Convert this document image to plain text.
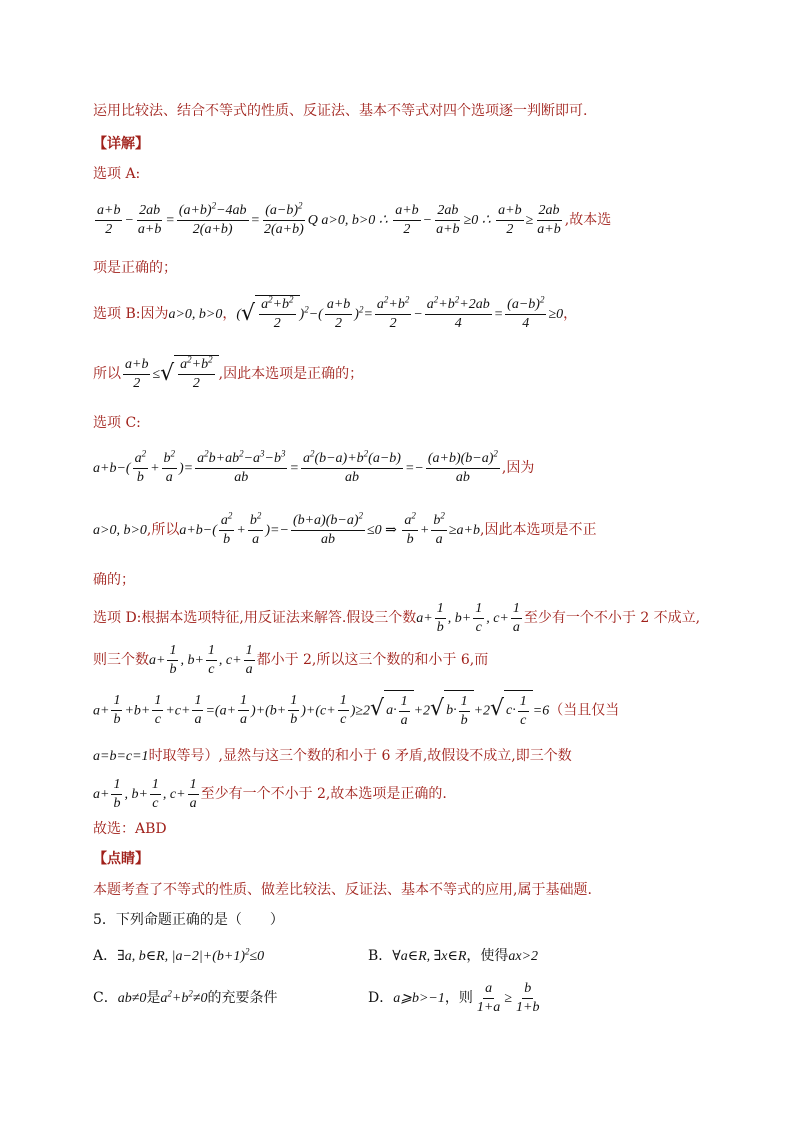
运用比较法、结合不等式的性质、反证法、基本不等式对四个选项逐一判断即可.
【详解】
选项 A:
$\frac{a+b}{2} - \frac{2ab}{a+b} = \frac{(a+b)^2-4ab}{2(a+b)} = \frac{(a-b)^2}{2(a+b)}$ Q a>0, b>0 ∴ $\frac{a+b}{2} - \frac{2ab}{a+b} \ge 0$ ∴ $\frac{a+b}{2} \ge \frac{2ab}{a+b}$ ,故本选
项是正确的；
选项 B:因为a>0, b>0，( √ $\frac{a^2+b^2}{2} )^2-( \frac{a+b}{2} )^2= \frac{a^2+b^2}{2} - \frac{a^2+b^2+2ab}{4} = \frac{(a-b)^2}{4} \ge 0$，
所以 $\frac{a+b}{2}$ ≤ √ $\frac{a^2+b^2}{2}$ ,因此本选项是正确的；
选项 C:
$a+b-( \frac{a^2}{b} + \frac{b^2}{a}$ )= $\frac{a^2b+ab^2-a^3-b^3}{ab} = \frac{a^2(b-a)+b^2(a-b)}{ab} =- \frac{(a+b)(b-a)^2}{ab}$ ,因为
a>0, b>0,所以$a+b-( \frac{a^2}{b} + \frac{b^2}{a}$ )=− $\frac{(b+a)(b-a)^2}{ab} \le 0$ ⇒ $\frac{a^2}{b} + \frac{b^2}{a} \ge a+b$,因此本选项是不正
确的；
选项 D:根据本选项特征,用反证法来解答.假设三个数$a+ \frac{1}{b}$ , $b+ \frac{1}{c}$ , $c+ \frac{1}{a}$ 至少有一个不小于 2 不成立,
则三个数$a+ \frac{1}{b}$ , $b+ \frac{1}{c}$ , $c+ \frac{1}{a}$ 都小于 2,所以这三个数的和小于 6,而
$a+ \frac{1}{b} +b+ \frac{1}{c} +c+ \frac{1}{a} =(a+ \frac{1}{a} )+(b+ \frac{1}{b} )+(c+ \frac{1}{c} )\ge 2$ √ $a\cdot \frac{1}{a} +2$ √ $b\cdot \frac{1}{b} +2$ √ $c\cdot \frac{1}{c} =6$（当且仅当
a=b=c=1时取等号）,显然与这三个数的和小于 6 矛盾,故假设不成立,即三个数
$a+ \frac{1}{b}$ , $b+ \frac{1}{c}$ , $c+ \frac{1}{a}$ 至少有一个不小于 2,故本选项是正确的.
故选：ABD
【点睛】
本题考查了不等式的性质、做差比较法、反证法、基本不等式的应用,属于基础题.
5．下列命题正确的是（　　）
A．∃a, b∈R, $|a-2|+(b+1)^2\le 0$	B．∀a∈R, ∃x∈R，使得ax>2
C．ab≠0是$a^2+b^2\ne 0$的充要条件	D．a⩾b>−1，则 $\frac{a}{1+a} \ge \frac{b}{1+b}$
